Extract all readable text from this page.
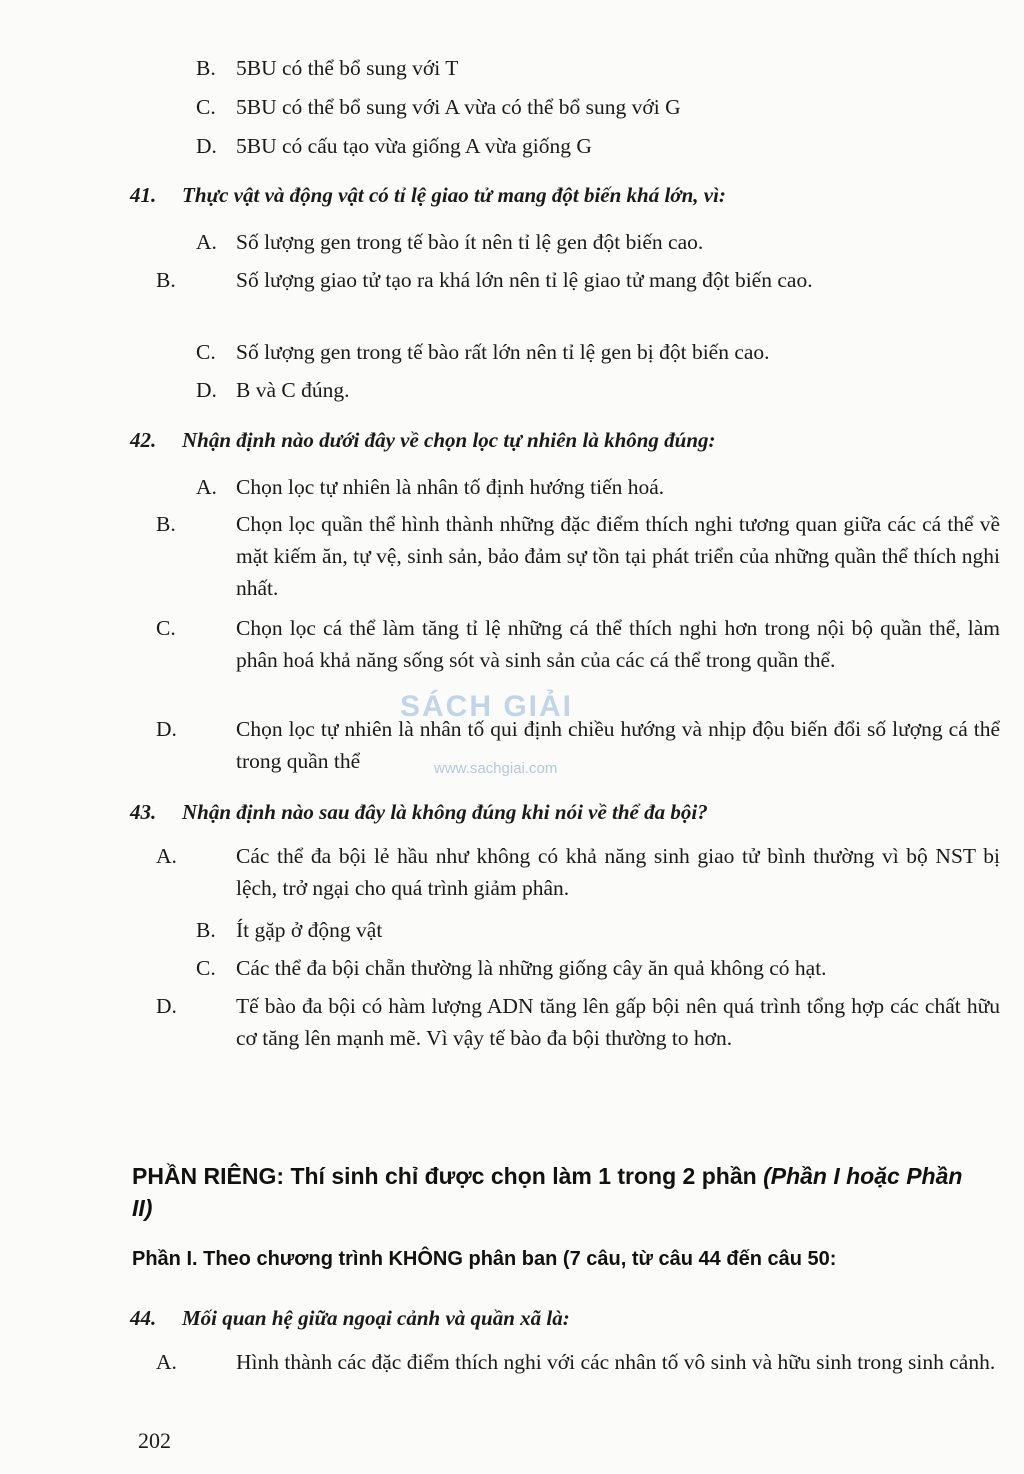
B. 5BU có thể bổ sung với T
C. 5BU có thể bổ sung với A vừa có thể bổ sung với G
D. 5BU có cấu tạo vừa giống A vừa giống G
41. Thực vật và động vật có tỉ lệ giao tử mang đột biến khá lớn, vì:
A. Số lượng gen trong tế bào ít nên tỉ lệ gen đột biến cao.
B.	Số lượng giao tử tạo ra khá lớn nên tỉ lệ giao tử mang đột biến cao.
C. Số lượng gen trong tế bào rất lớn nên tỉ lệ gen bị đột biến cao.
D. B và C đúng.
42. Nhận định nào dưới đây về chọn lọc tự nhiên là không đúng:
A. Chọn lọc tự nhiên là nhân tố định hướng tiến hoá.
B.	Chọn lọc quần thể hình thành những đặc điểm thích nghi tương quan giữa các cá thể về mặt kiếm ăn, tự vệ, sinh sản, bảo đảm sự tồn tại phát triển của những quần thể thích nghi nhất.
C.	Chọn lọc cá thể làm tăng tỉ lệ những cá thể thích nghi hơn trong nội bộ quần thể, làm phân hoá khả năng sống sót và sinh sản của các cá thể trong quần thể.
D.	Chọn lọc tự nhiên là nhân tố qui định chiều hướng và nhịp độu biến đổi số lượng cá thể trong quần thể
SÁCH GIẢI
www.sachgiai.com
43. Nhận định nào sau đây là không đúng khi nói về thể đa bội?
A.	Các thể đa bội lẻ hầu như không có khả năng sinh giao tử bình thường vì bộ NST bị lệch, trở ngại cho quá trình giảm phân.
B. Ít gặp ở động vật
C. Các thể đa bội chẵn thường là những giống cây ăn quả không có hạt.
D.	Tế bào đa bội có hàm lượng ADN tăng lên gấp bội nên quá trình tổng hợp các chất hữu cơ tăng lên mạnh mẽ. Vì vậy tế bào đa bội thường to hơn.
PHẦN RIÊNG: Thí sinh chỉ được chọn làm 1 trong 2 phần (Phần I hoặc Phần II)
Phần I. Theo chương trình KHÔNG phân ban (7 câu, từ câu 44 đến câu 50:
44. Mối quan hệ giữa ngoại cảnh và quần xã là:
A.	Hình thành các đặc điểm thích nghi với các nhân tố vô sinh và hữu sinh trong sinh cảnh.
202
